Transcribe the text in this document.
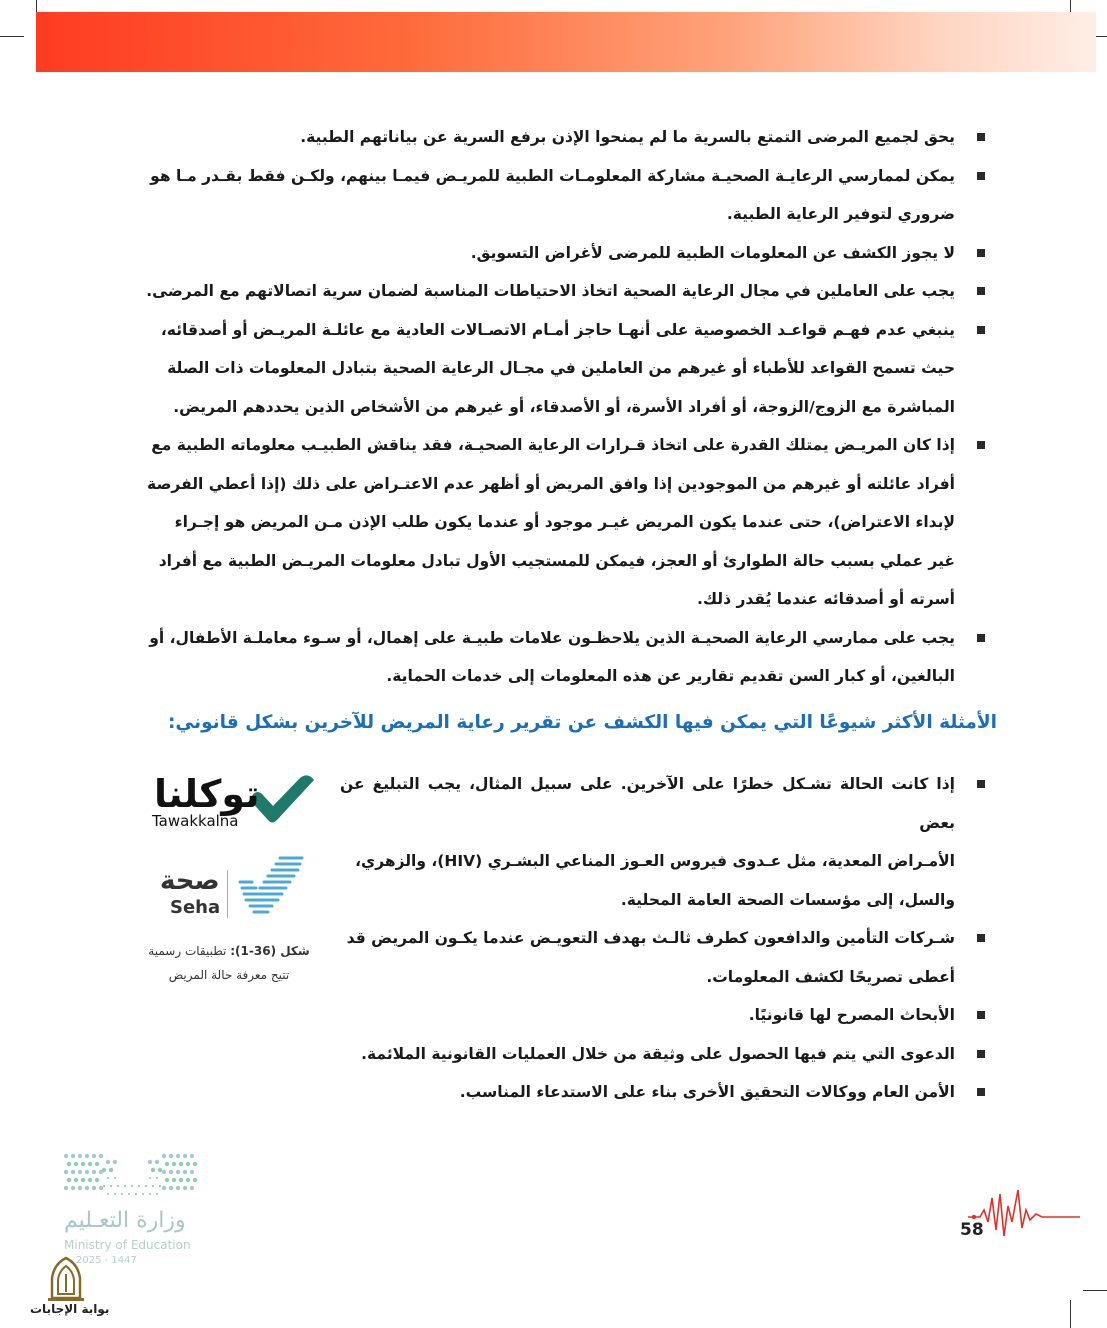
يحق لجميع المرضى التمتع بالسرية ما لم يمنحوا الإذن برفع السرية عن بياناتهم الطبية.
يمكن لممارسي الرعايـة الصحيـة مشاركة المعلومـات الطبية للمريـض فيمـا بينهم، ولكـن فقط بقـدر مـا هو
ضروري لتوفير الرعاية الطبية.
لا يجوز الكشف عن المعلومات الطبية للمرضى لأغراض التسويق.
يجب على العاملين في مجال الرعاية الصحية اتخاذ الاحتياطات المناسبة لضمان سرية اتصالاتهم مع المرضى.
ينبغي عدم فهـم قواعـد الخصوصية على أنهـا حاجز أمـام الاتصـالات العادية مع عائلـة المريـض أو أصدقائه،
حيث تسمح القواعد للأطباء أو غيرهم من العاملين في مجـال الرعاية الصحية بتبادل المعلومات ذات الصلة
المباشرة مع الزوج/الزوجة، أو أفراد الأسرة، أو الأصدقاء، أو غيرهم من الأشخاص الذين يحددهم المريض.
إذا كان المريـض يمتلك القدرة على اتخاذ قـرارات الرعاية الصحيـة، فقد يناقش الطبيـب معلوماته الطبية مع
أفراد عائلته أو غيرهم من الموجودين إذا وافق المريض أو أظهر عدم الاعتـراض على ذلك (إذا أعطي الفرصة
لإبداء الاعتراض)، حتى عندما يكون المريض غيـر موجود أو عندما يكون طلب الإذن مـن المريض هو إجـراء
غير عملي بسبب حالة الطوارئ أو العجز، فيمكن للمستجيب الأول تبادل معلومات المريـض الطبية مع أفراد
أسرته أو أصدقائه عندما يُقدر ذلك.
يجب على ممارسي الرعاية الصحيـة الذين يلاحظـون علامات طبيـة على إهمال، أو سـوء معاملـة الأطفال، أو
البالغين، أو كبار السن تقديم تقارير عن هذه المعلومات إلى خدمات الحماية.
الأمثلة الأكثر شيوعًا التي يمكن فيها الكشف عن تقرير رعاية المريض للآخرين بشكل قانوني:
إذا كانت الحالة تشـكل خطرًا على الآخرين. على سبيل المثال، يجب التبليغ عن بعض
الأمـراض المعدية، مثل عـدوى فيروس العـوز المناعي البشـري (HIV)، والزهري،
والسل، إلى مؤسسات الصحة العامة المحلية.
شـركات التأمين والدافعون كطرف ثالـث بهدف التعويـض عندما يكـون المريض قد
أعطى تصريحًا لكشف المعلومات.
الأبحاث المصرح لها قانونيًا.
الدعوى التي يتم فيها الحصول على وثيقة من خلال العمليات القانونية الملائمة.
الأمن العام ووكالات التحقيق الأخرى بناء على الاستدعاء المناسب.
توكلنا
Tawakkalna
صحة
Seha
شكل (36-1): تطبيقات رسمية
تتيح معرفة حالة المريض
وزارة التعـليم
Ministry of Education
2025 - 1447
بوابة الإجابات
58
